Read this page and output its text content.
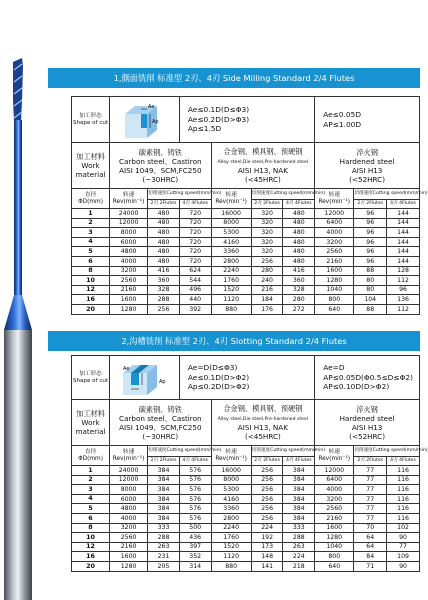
1,側面铣削 标准型 2刃、4刃 Side Milling Standard 2/4 Flutes
加工形态
Shape of cut	Ae
Ap		Ae≤0.1D(D≤Φ3)
Ae≤0.2D(D>Φ3)
Ap≤1.5D				Ae≤0.05D
AP≤1.00D		
加工材料
Work
material	碳素钢、铸铁
Carbon steel、Castiron
AISI 1049、SCM,FC250
(~30HRC)			合金钢、模具钢、预硬钢
Alloy steel,Die steel,Pre-hardened steel
AISI H13, NAK
(<45HRC)			淬火钢
Hardened steel
AISI H13
(<52HRC)		
直径
ΦD(mm)	转速
Rev(min⁻¹)	切削速度Cutting speed(mm/min)		转速
Rev(min⁻¹)	切削速度Cutting speed(mm/min)		转速
Rev(min⁻¹)	切削速度Cutting speed(mm/min)	
		2刃 2Flutes	4刃 4Flutes		2刃 2Flutes	4刃 4Flutes		2刃 2Flutes	4刃 4Flutes
1	24000	480	720	16000	320	480	12000	96	144
2	12000	480	720	8000	320	480	6400	96	144
3	8000	480	720	5300	320	480	4000	96	144
4	6000	480	720	4160	320	480	3200	96	144
5	4800	480	720	3360	320	480	2560	96	144
6	4000	480	720	2800	256	480	2160	96	144
8	3200	416	624	2240	280	416	1600	88	128
10	2560	360	544	1760	240	360	1280	80	112
12	2160	328	496	1520	216	328	1040	80	96
16	1600	288	440	1120	184	280	800	104	136
20	1280	256	392	880	176	272	640	88	112
2,沟槽铣削 标准型 2刃、4刃 Slotting Standard 2/4 Flutes
加工形态
Shape of cut	Ae
Ap		Ae=D(D≤Φ3)
Ae≤0.1D(D>Φ2)
Ap≤0.2D(D>Φ2)				Ae=D
AP≤0.05D(Φ0.5≤D≤Φ2)
AP≤0.10D(D>Φ2)		
加工材料
Work
material	碳素钢、铸铁
Carbon steel、Castiron
AISI 1049、SCM,FC250
(~30HRC)			合金钢、模具钢、预硬钢
Alloy steel,Die steel,Pre-hardened steel
AISI H13, NAK
(<45HRC)			淬火钢
Hardened steel
AISI H13
(<52HRC)		
直径
ΦD(mm)	转速
Rev(min⁻¹)	切削速度Cutting speed(mm/min)		转速
Rev(min⁻¹)	切削速度Cutting speed(mm/min)		转速
Rev(min⁻¹)	切削速度Cutting speed(mm/min)	
		2刃 2Flutes	4刃 4Flutes		2刃 2Flutes	4刃 4Flutes		2刃 2Flutes	4刃 4Flutes
1	24000	384	576	16000	256	384	12000	77	116
2	12000	384	576	8000	256	384	6400	77	116
3	8000	384	576	5300	256	384	4000	77	116
4	6000	384	576	4160	256	384	3200	77	116
5	4800	384	576	3360	256	384	2560	77	116
6	4000	384	576	2800	256	384	2160	77	116
8	3200	333	500	2240	224	333	1600	70	102
10	2560	288	436	1760	192	288	1280	64	90
12	2160	263	397	1520	173	263	1040	64	77
16	1600	231	352	1120	148	224	800	84	109
20	1280	205	314	880	141	218	640	71	90
